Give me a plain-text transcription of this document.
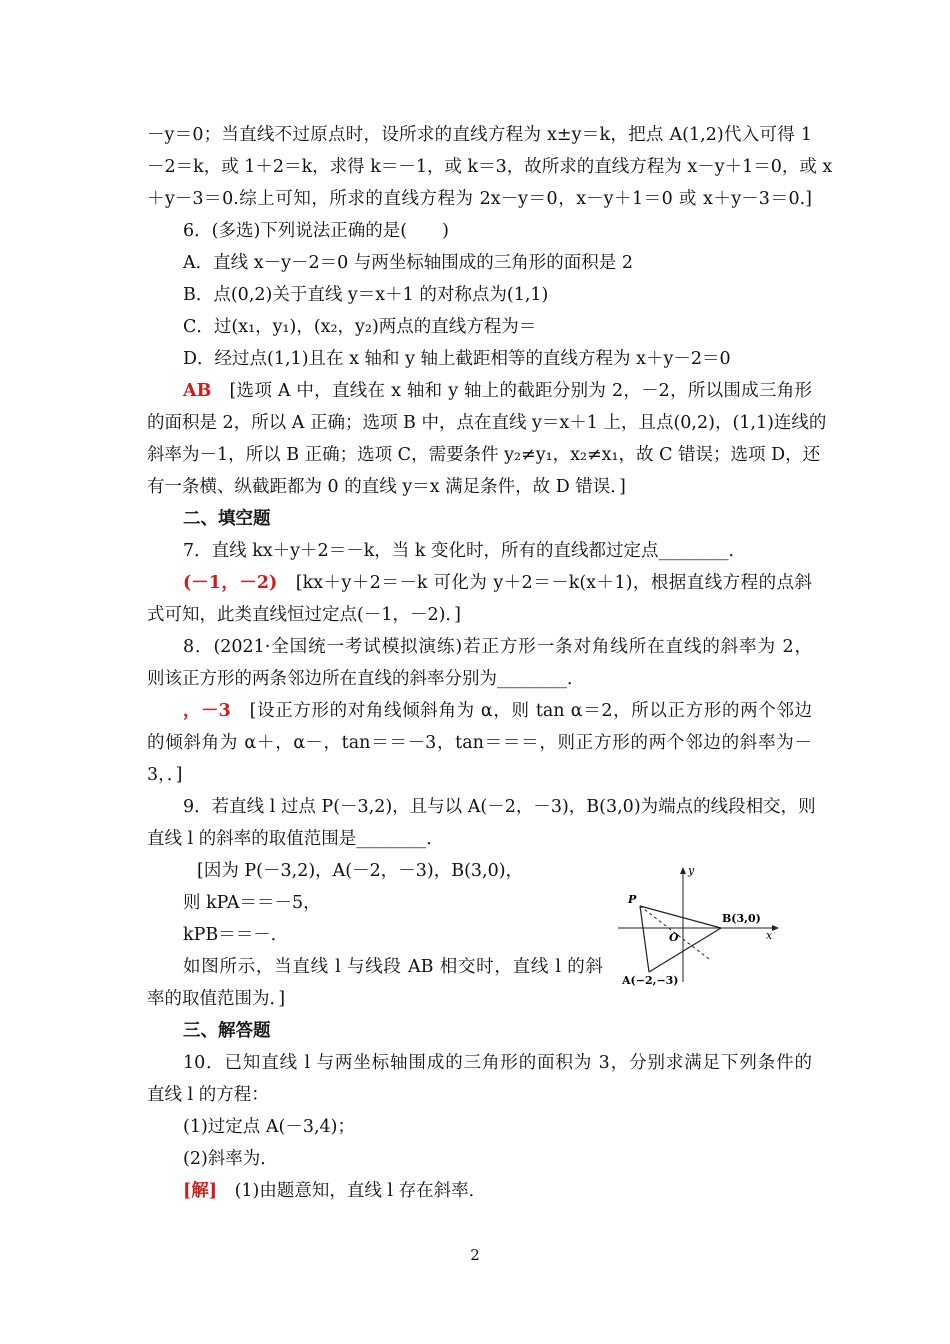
－y＝0；当直线不过原点时，设所求的直线方程为 x±y＝k，把点 A(1,2)代入可得 1
－2＝k，或 1＋2＝k，求得 k＝－1，或 k＝3，故所求的直线方程为 x－y＋1＝0，或 x
＋y－3＝0.综上可知，所求的直线方程为 2x－y＝0，x－y＋1＝0 或 x＋y－3＝0.]
6．(多选)下列说法正确的是(　　)
A．直线 x－y－2＝0 与两坐标轴围成的三角形的面积是 2
B．点(0,2)关于直线 y＝x＋1 的对称点为(1,1)
C．过(x₁，y₁)，(x₂，y₂)两点的直线方程为＝
D．经过点(1,1)且在 x 轴和 y 轴上截距相等的直线方程为 x＋y－2＝0
AB　 [选项 A 中，直线在 x 轴和 y 轴上的截距分别为 2，－2，所以围成三角形
的面积是 2，所以 A 正确；选项 B 中，点在直线 y＝x＋1 上，且点(0,2)，(1,1)连线的
斜率为－1，所以 B 正确；选项 C，需要条件 y₂≠y₁，x₂≠x₁，故 C 错误；选项 D，还
有一条横、纵截距都为 0 的直线 y＝x 满足条件，故 D 错误．]
二、填空题
7．直线 kx＋y＋2＝－k，当 k 变化时，所有的直线都过定点________．
(－1，－2)　 [kx＋y＋2＝－k 可化为 y＋2＝－k(x＋1)，根据直线方程的点斜
式可知，此类直线恒过定点(－1，－2)．]
8．(2021·全国统一考试模拟演练)若正方形一条对角线所在直线的斜率为 2，
则该正方形的两条邻边所在直线的斜率分别为________．
，－3　 [设正方形的对角线倾斜角为 α，则 tan α＝2，所以正方形的两个邻边
的倾斜角为 α＋，α－，tan＝＝－3，tan＝＝＝，则正方形的两个邻边的斜率为－
3，．]
9．若直线 l 过点 P(－3,2)，且与以 A(－2，－3)，B(3,0)为端点的线段相交，则
直线 l 的斜率的取值范围是________．
[因为 P(－3,2)，A(－2，－3)，B(3,0)，
则 kPA＝＝－5，
kPB＝＝－．
如图所示，当直线 l 与线段 AB 相交时，直线 l 的斜
率的取值范围为．]
P
O
y
x
B(3,0)
A(−2,−3)
三、解答题
10．已知直线 l 与两坐标轴围成的三角形的面积为 3，分别求满足下列条件的
直线 l 的方程：
(1)过定点 A(－3,4)；
(2)斜率为．
[解]　 (1)由题意知，直线 l 存在斜率．
2
